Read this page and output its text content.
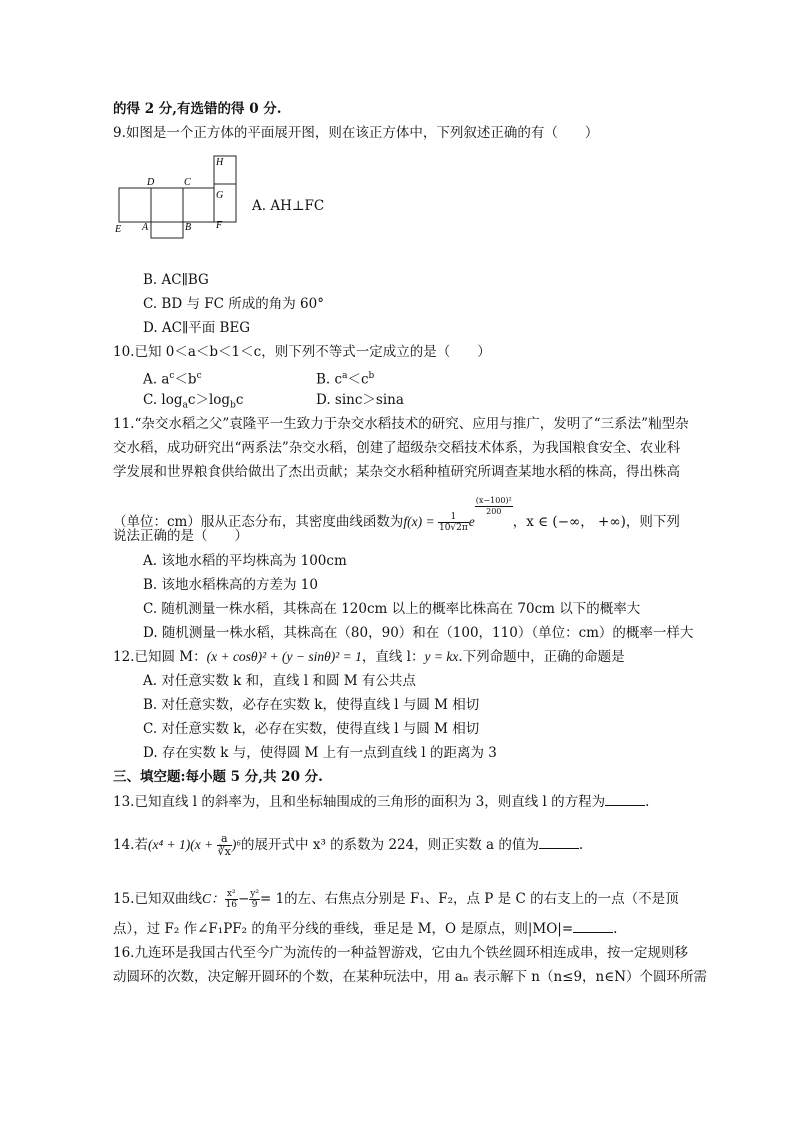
的得 2 分,有选错的得 0 分.
9.如图是一个正方体的平面展开图，则在该正方体中，下列叙述正确的有（　　）
H
D	C
G
E A	B F
A. AH⊥FC
B. AC∥BG
C. BD 与 FC 所成的角为 60°
D. AC∥平面 BEG
10.已知 0＜a＜b＜1＜c，则下列不等式一定成立的是（　　）
A. $a^c<b^c$	B. $c^a<c^b$
C. $\log_ac>\log_bc$	D. sinc＞sina
11.“杂交水稻之父”袁隆平一生致力于杂交水稻技术的研究、应用与推广，发明了“三系法”籼型杂
交水稻，成功研究出“两系法”杂交水稻，创建了超级杂交稻技术体系，为我国粮食安全、农业科
学发展和世界粮食供给做出了杰出贡献；某杂交水稻种植研究所调查某地水稻的株高，得出株高
（单位：cm）服从正态分布，其密度曲线函数为$f(x) = \frac{1}{10√2\pi}$ e
$\frac{\text{(x−100)²}}{200}$
，x ∈ (−∞， +∞)，则下列
说法正确的是（　　）
A. 该地水稻的平均株高为 100cm
B. 该地水稻株高的方差为 10
C. 随机测量一株水稻，其株高在 120cm 以上的概率比株高在 70cm 以下的概率大
D. 随机测量一株水稻，其株高在（80，90）和在（100，110）（单位：cm）的概率一样大
12.已知圆 M：(x + cosθ)² + (y − sinθ)² = 1，直线 l：y = kx.下列命题中，正确的命题是
A. 对任意实数 k 和，直线 l 和圆 M 有公共点
B. 对任意实数，必存在实数 k，使得直线 l 与圆 M 相切
C. 对任意实数 k，必存在实数，使得直线 l 与圆 M 相切
D. 存在实数 k 与，使得圆 M 上有一点到直线 l 的距离为 3
三、填空题:每小题 5 分,共 20 分.
13.已知直线 l 的斜率为，且和坐标轴围成的三角形的面积为 3，则直线 l 的方程为	.
14.若$(x^4 + 1)(x + \frac{a}{∛x} )^6$的展开式中 x³ 的系数为 224，则正实数 a 的值为	.
15.已知双曲线C： $\frac{\text{x²}}{16} - \frac{\text{y²}}{9} = 1$的左、右焦点分别是 F₁、F₂，点 P 是 C 的右支上的一点（不是顶
点），过 F₂ 作∠F₁PF₂ 的角平分线的垂线，垂足是 M，O 是原点，则|MO|=	.
16.九连环是我国古代至今广为流传的一种益智游戏，它由九个铁丝圆环相连成串，按一定规则移
动圆环的次数，决定解开圆环的个数，在某种玩法中，用 aₙ 表示解下 n（n≤9，n∈N）个圆环所需
